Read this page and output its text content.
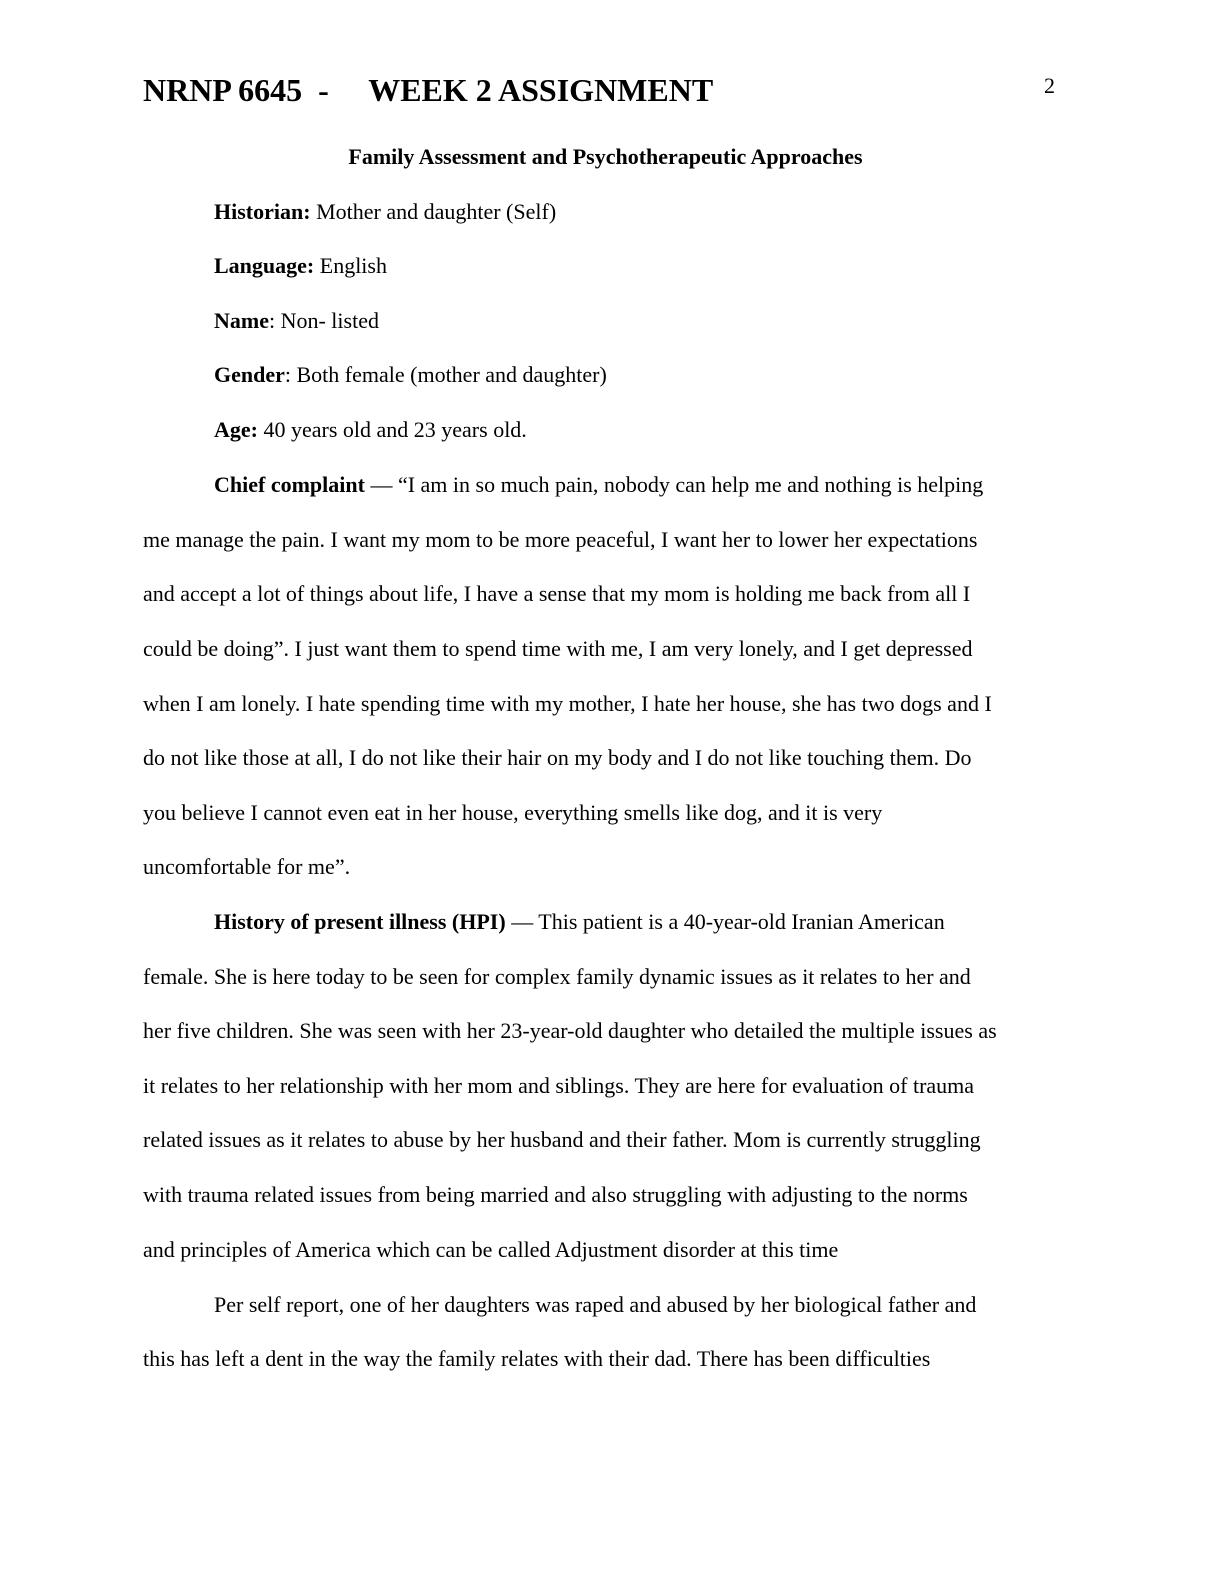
NRNP 6645  -     WEEK 2 ASSIGNMENT	2
Family Assessment and Psychotherapeutic Approaches
Historian: Mother and daughter (Self)
Language: English
Name: Non- listed
Gender: Both female (mother and daughter)
Age: 40 years old and 23 years old.
Chief complaint — “I am in so much pain, nobody can help me and nothing is helping
me manage the pain. I want my mom to be more peaceful, I want her to lower her expectations
and accept a lot of things about life, I have a sense that my mom is holding me back from all I
could be doing”. I just want them to spend time with me, I am very lonely, and I get depressed
when I am lonely. I hate spending time with my mother, I hate her house, she has two dogs and I
do not like those at all, I do not like their hair on my body and I do not like touching them. Do
you believe I cannot even eat in her house, everything smells like dog, and it is very
uncomfortable for me”.
History of present illness (HPI) — This patient is a 40-year-old Iranian American
female. She is here today to be seen for complex family dynamic issues as it relates to her and
her five children. She was seen with her 23-year-old daughter who detailed the multiple issues as
it relates to her relationship with her mom and siblings. They are here for evaluation of trauma
related issues as it relates to abuse by her husband and their father. Mom is currently struggling
with trauma related issues from being married and also struggling with adjusting to the norms
and principles of America which can be called Adjustment disorder at this time
Per self report, one of her daughters was raped and abused by her biological father and
this has left a dent in the way the family relates with their dad. There has been difficulties
